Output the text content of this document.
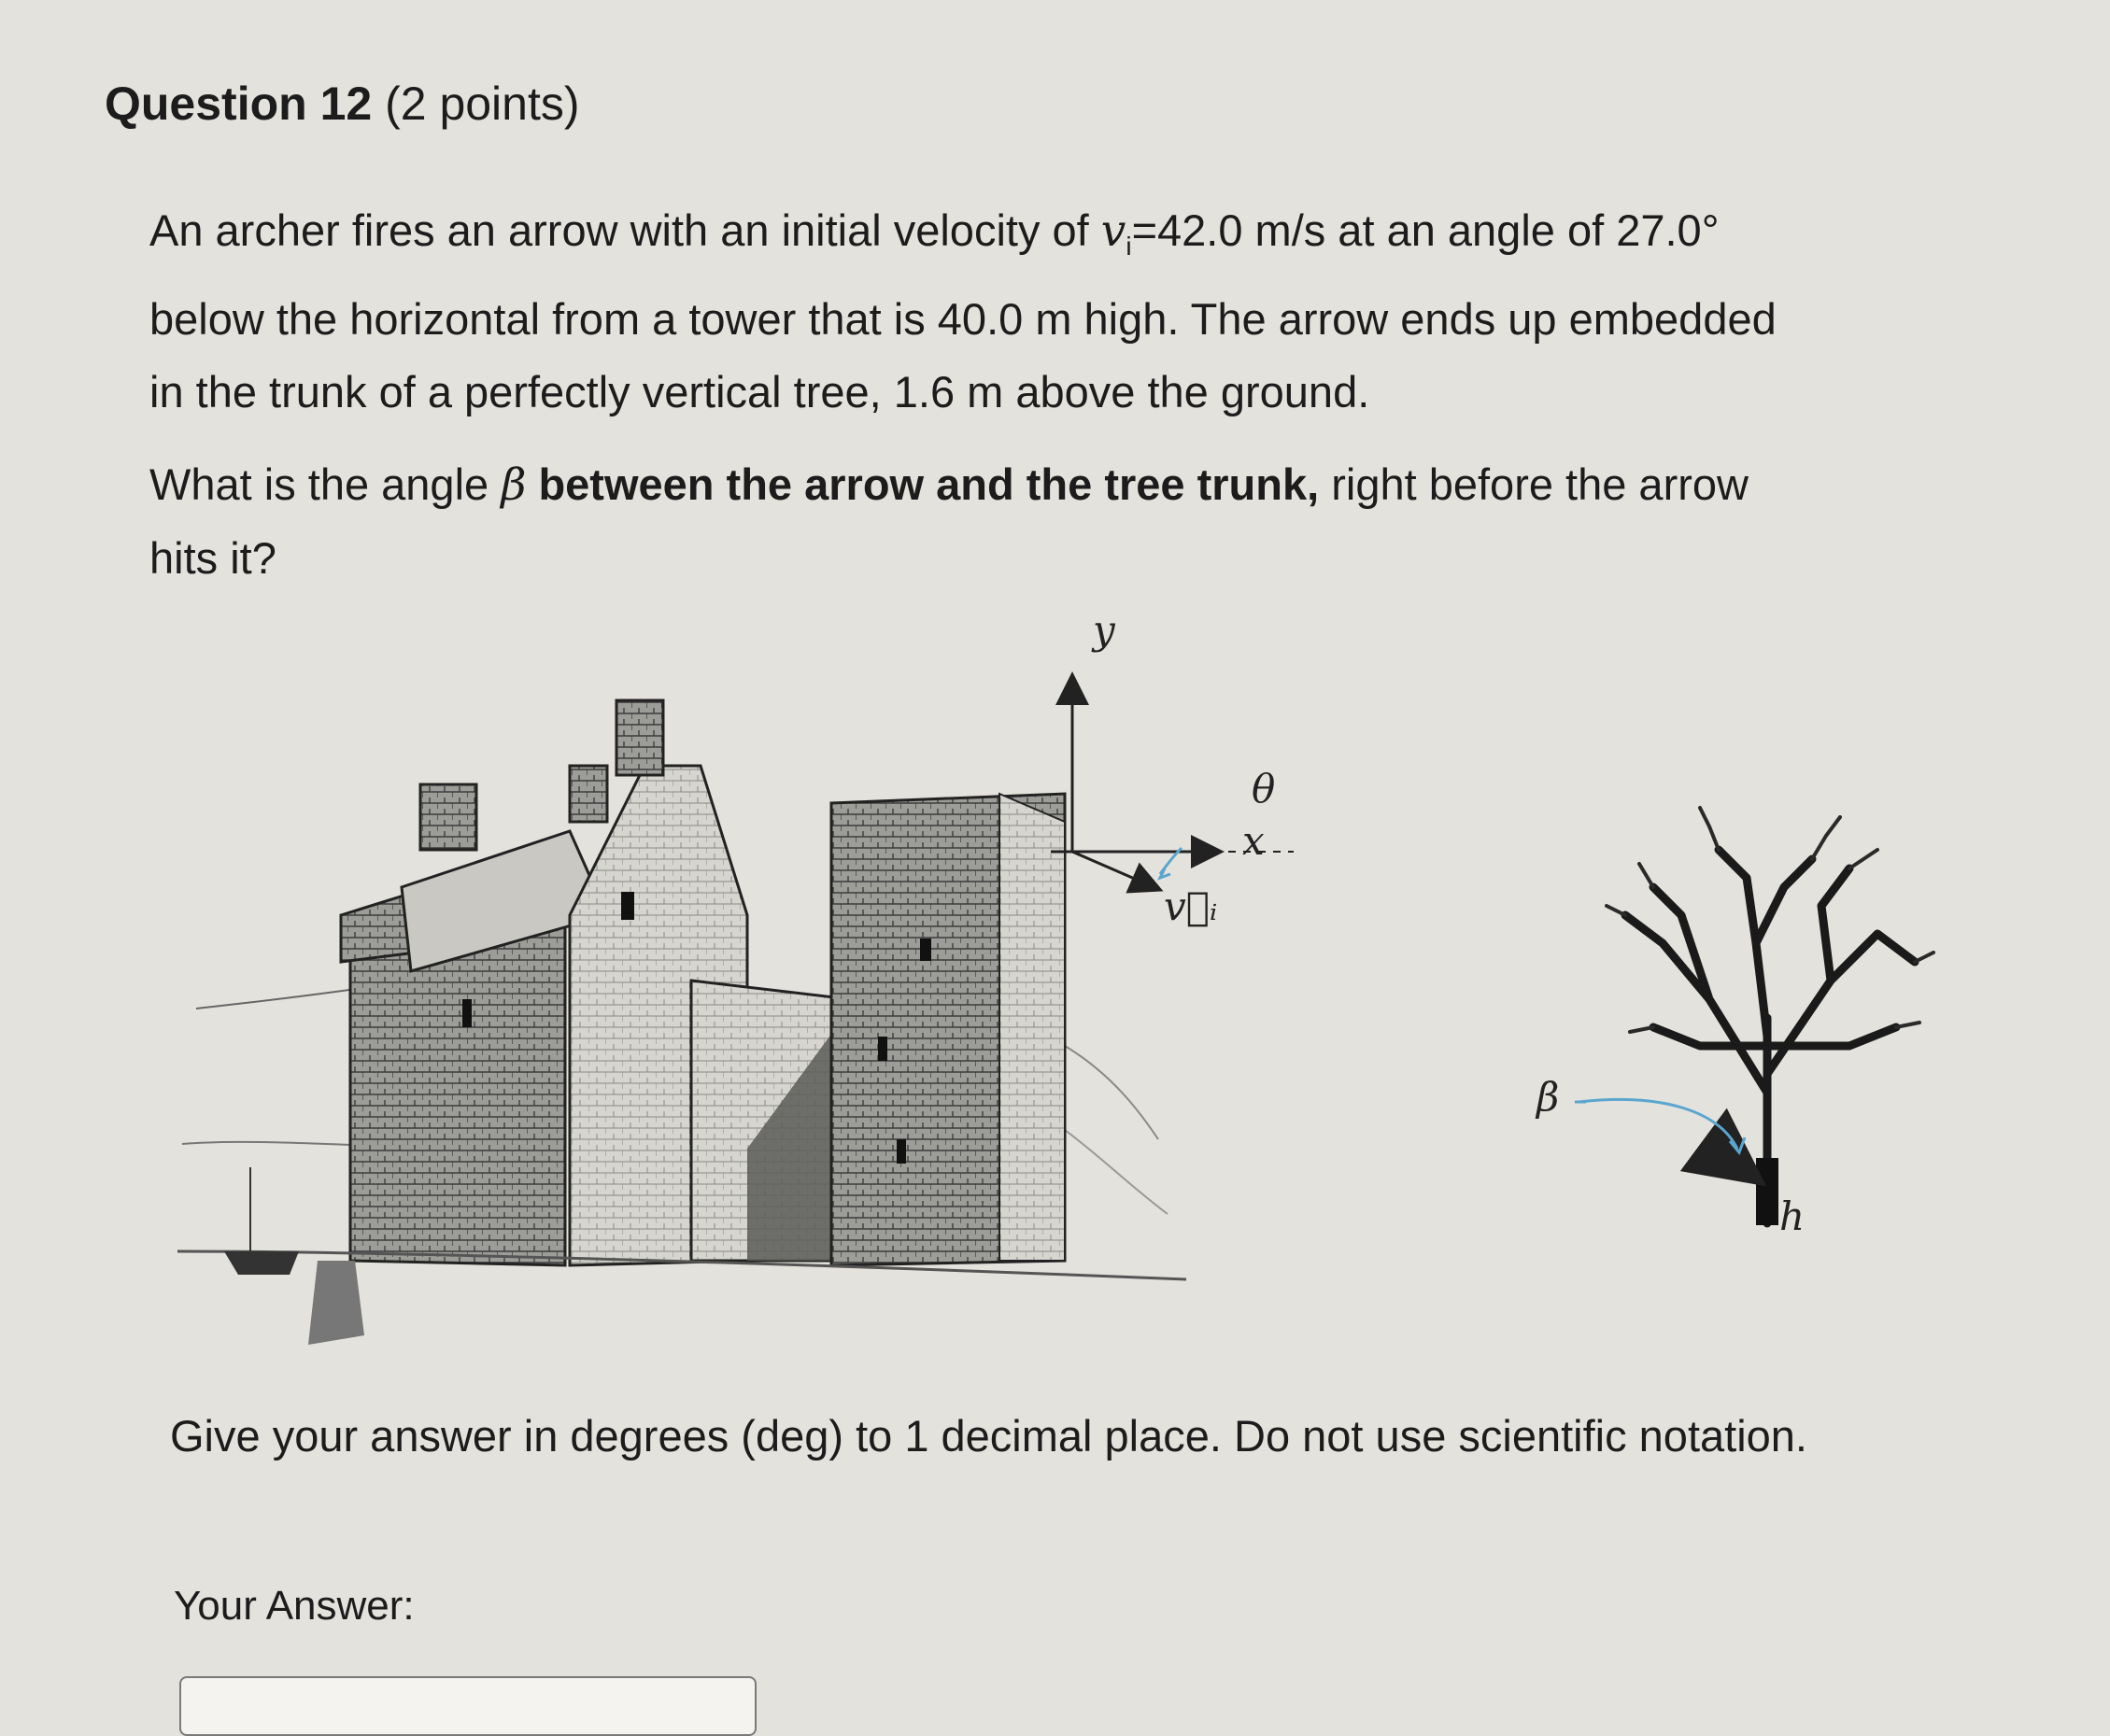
Question 12 (2 points)
An archer fires an arrow with an initial velocity of $v_i=42.0$ m/s at an angle of 27.0°
below the horizontal from a tower that is 40.0 m high. The arrow ends up embedded
in the trunk of a perfectly vertical tree, 1.6 m above the ground.
What is the angle β between the arrow and the tree trunk, right before the arrow
hits it?
y
θ
x
v⃗ᵢ
β
h
Give your answer in degrees (deg) to 1 decimal place. Do not use scientific notation.
Your Answer:
